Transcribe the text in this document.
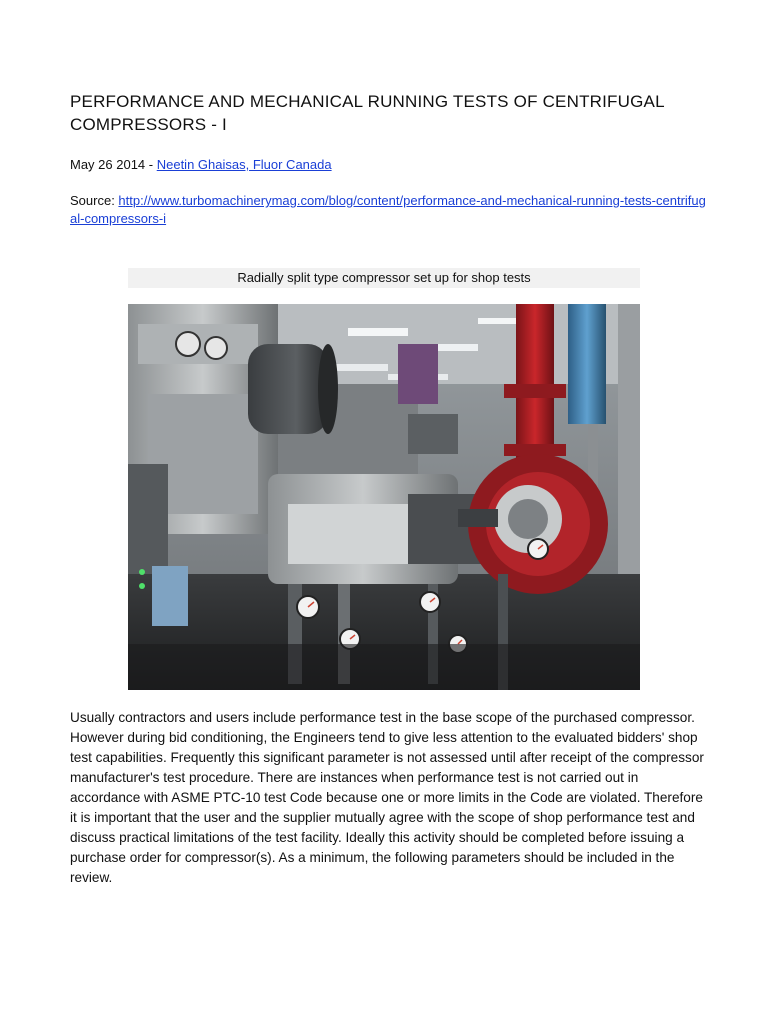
PERFORMANCE AND MECHANICAL RUNNING TESTS OF CENTRIFUGAL COMPRESSORS - I
May 26 2014 - Neetin Ghaisas, Fluor Canada
Source: http://www.turbomachinerymag.com/blog/content/performance-and-mechanical-running-tests-centrifugal-compressors-i
Radially split type compressor set up for shop tests
Usually contractors and users include performance test in the base scope of the purchased compressor. However during bid conditioning, the Engineers tend to give less attention to the evaluated bidders' shop test capabilities. Frequently this significant parameter is not assessed until after receipt of the compressor manufacturer's test procedure. There are instances when performance test is not carried out in accordance with ASME PTC-10 test Code because one or more limits in the Code are violated. Therefore it is important that the user and the supplier mutually agree with the scope of shop performance test and discuss practical limitations of the test facility. Ideally this activity should be completed before issuing a purchase order for compressor(s). As a minimum, the following parameters should be included in the review.
